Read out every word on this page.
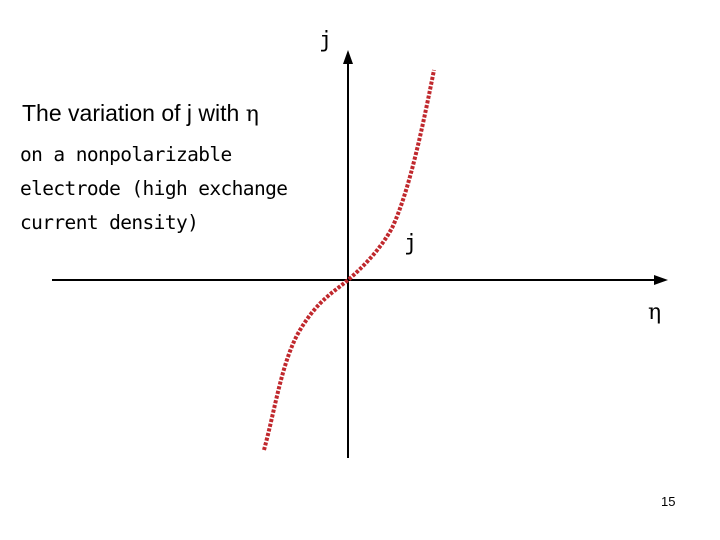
The variation of j with η
on a nonpolarizable
electrode (high exchange
current density)
j
j
η
15
